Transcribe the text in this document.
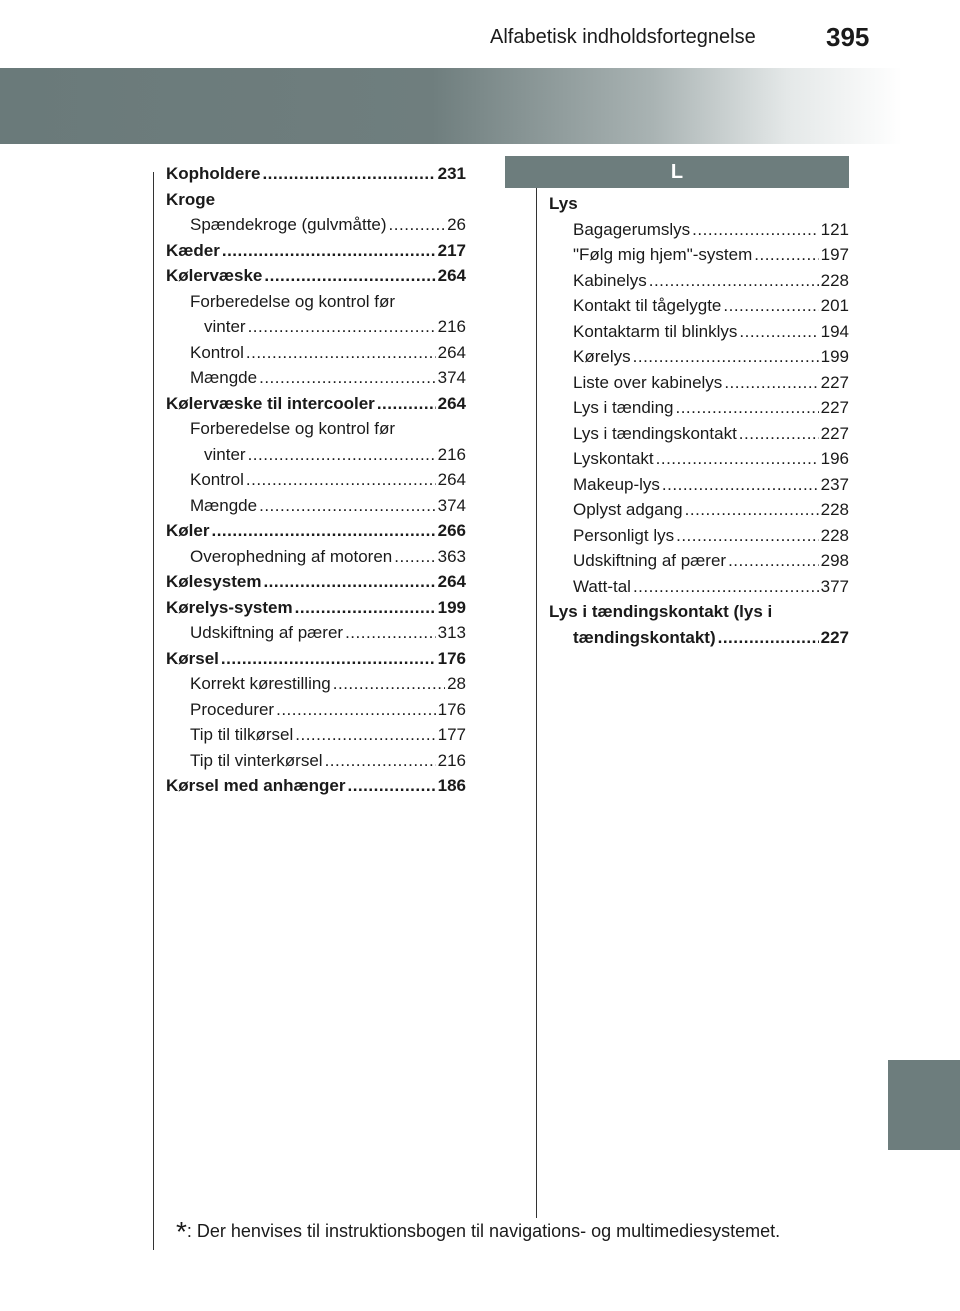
Alfabetisk indholdsfortegnelse	395
L
Kopholdere .....	231
Kroge
Spændekroge (gulvmåtte) .....	26
Kæder .....	217
Kølervæske .....	264
Forberedelse og kontrol før
vinter .....	216
Kontrol .....	264
Mængde .....	374
Kølervæske til intercooler .....	264
Forberedelse og kontrol før
vinter .....	216
Kontrol .....	264
Mængde .....	374
Køler .....	266
Overophedning af motoren .....	363
Kølesystem .....	264
Kørelys-system .....	199
Udskiftning af pærer .....	313
Kørsel .....	176
Korrekt kørestilling .....	28
Procedurer .....	176
Tip til tilkørsel .....	177
Tip til vinterkørsel .....	216
Kørsel med anhænger .....	186
Lys
Bagagerumslys .....	121
"Følg mig hjem"-system .....	197
Kabinelys .....	228
Kontakt til tågelygte .....	201
Kontaktarm til blinklys .....	194
Kørelys .....	199
Liste over kabinelys .....	227
Lys i tænding .....	227
Lys i tændingskontakt .....	227
Lyskontakt .....	196
Makeup-lys .....	237
Oplyst adgang .....	228
Personligt lys .....	228
Udskiftning af pærer .....	298
Watt-tal .....	377
Lys i tændingskontakt (lys i
tændingskontakt) .....	227
*: Der henvises til instruktionsbogen til navigations- og multimediesystemet.
